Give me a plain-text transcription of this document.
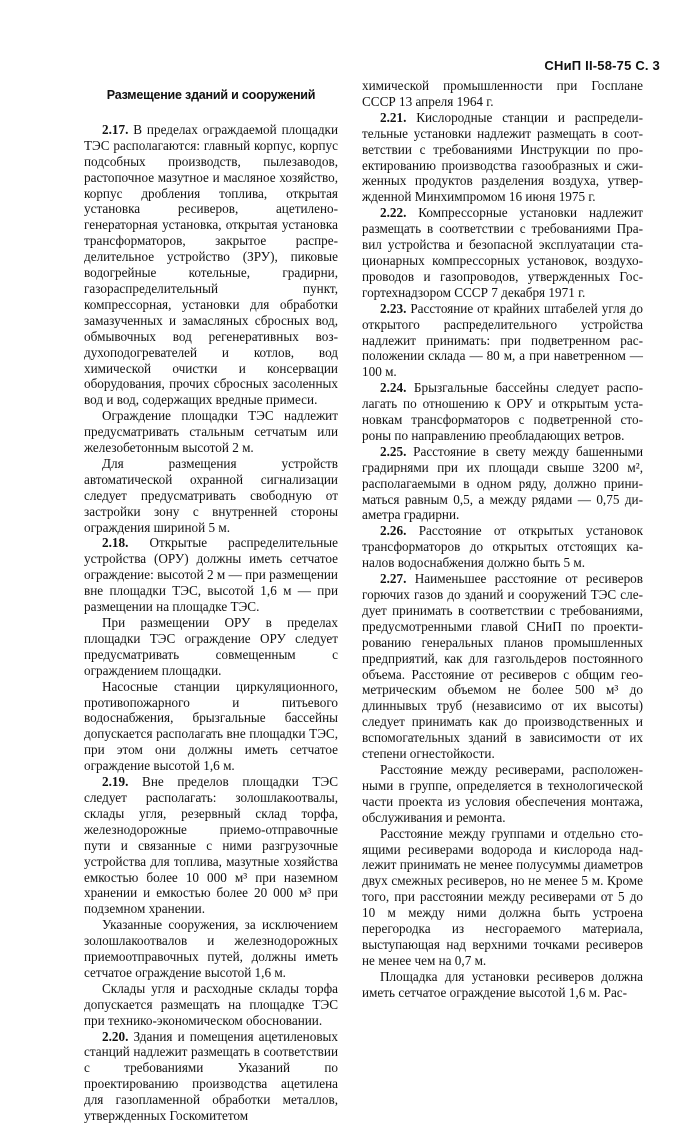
СНиП II-58-75 С. 3
Размещение зданий и сооружений

2.17. В пределах ограждаемой площадки ТЭС располагаются: главный корпус, корпус подсобных производств, пылезаводов, растопочное мазутное и масляное хозяйство, корпус дробления топлива, открытая установка ресиверов, ацетилено-генераторная установка, открытая установка трансформаторов, закрытое распределительное устройство (ЗРУ), пиковые водогрейные котельные, градирни, газораспределительный пункт, компрессорная, установки для обработки замазученных и замасляных сбросных вод, обмывочных вод регенеративных воздухоподогревателей и котлов, вод химической очистки и консервации оборудования, прочих сбросных засоленных вод и вод, содержащих вредные примеси.

Ограждение площадки ТЭС надлежит предусматривать стальным сетчатым или железобетонным высотой 2 м.

Для размещения устройств автоматической охранной сигнализации следует предусматривать свободную от застройки зону с внутренней стороны ограждения шириной 5 м.

2.18. Открытые распределительные устройства (ОРУ) должны иметь сетчатое ограждение: высотой 2 м — при размещении вне площадки ТЭС, высотой 1,6 м — при размещении на площадке ТЭС.

При размещении ОРУ в пределах площадки ТЭС ограждение ОРУ следует предусматривать совмещенным с ограждением площадки.

Насосные станции циркуляционного, противопожарного и питьевого водоснабжения, брызгальные бассейны допускается располагать вне площадки ТЭС, при этом они должны иметь сетчатое ограждение высотой 1,6 м.

2.19. Вне пределов площадки ТЭС следует располагать: золошлакоотвалы, склады угля, резервный склад торфа, железнодорожные приемо-отправочные пути и связанные с ними разгрузочные устройства для топлива, мазутные хозяйства емкостью более 10 000 м³ при наземном хранении и емкостью более 20 000 м³ при подземном хранении.

Указанные сооружения, за исключением золошлакоотвалов и железнодорожных приемоотправочных путей, должны иметь сетчатое ограждение высотой 1,6 м.

Склады угля и расходные склады торфа допускается размещать на площадке ТЭС при технико-экономическом обосновании.

2.20. Здания и помещения ацетиленовых станций надлежит размещать в соответствии с требованиями Указаний по проектированию производства ацетилена для газопламенной обработки металлов, утвержденных Госкомитетом

химической промышленности при Госплане СССР 13 апреля 1964 г.

2.21. Кислородные станции и распределительные установки надлежит размещать в соответствии с требованиями Инструкции по проектированию производства газообразных и сжиженных продуктов разделения воздуха, утвержденной Минхимпромом 16 июня 1975 г.

2.22. Компрессорные установки надлежит размещать в соответствии с требованиями Правил устройства и безопасной эксплуатации стационарных компрессорных установок, воздухопроводов и газопроводов, утвержденных Госгортехнадзором СССР 7 декабря 1971 г.

2.23. Расстояние от крайних штабелей угля до открытого распределительного устройства надлежит принимать: при подветренном расположении склада — 80 м, а при наветренном — 100 м.

2.24. Брызгальные бассейны следует располагать по отношению к ОРУ и открытым установкам трансформаторов с подветренной стороны по направлению преобладающих ветров.

2.25. Расстояние в свету между башенными градирнями при их площади свыше 3200 м², располагаемыми в одном ряду, должно приниматься равным 0,5, а между рядами — 0,75 диаметра градирни.

2.26. Расстояние от открытых установок трансформаторов до открытых отстоящих каналов водоснабжения должно быть 5 м.

2.27. Наименьшее расстояние от ресиверов горючих газов до зданий и сооружений ТЭС следует принимать в соответствии с требованиями, предусмотренными главой СНиП по проектированию генеральных планов промышленных предприятий, как для газгольдеров постоянного объема. Расстояние от ресиверов с общим геометрическим объемом не более 500 м³ до длиннывых труб (независимо от их высоты) следует принимать как до производственных и вспомогательных зданий в зависимости от их степени огнестойкости.

Расстояние между ресиверами, расположенными в группе, определяется в технологической части проекта из условия обеспечения монтажа, обслуживания и ремонта.

Расстояние между группами и отдельно стоящими ресиверами водорода и кислорода надлежит принимать не менее полусуммы диаметров двух смежных ресиверов, но не менее 5 м. Кроме того, при расстоянии между ресиверами от 5 до 10 м между ними должна быть устроена перегородка из несгораемого материала, выступающая над верхними точками ресиверов не менее чем на 0,7 м.

Площадка для установки ресиверов должна иметь сетчатое ограждение высотой 1,6 м. Рас-
